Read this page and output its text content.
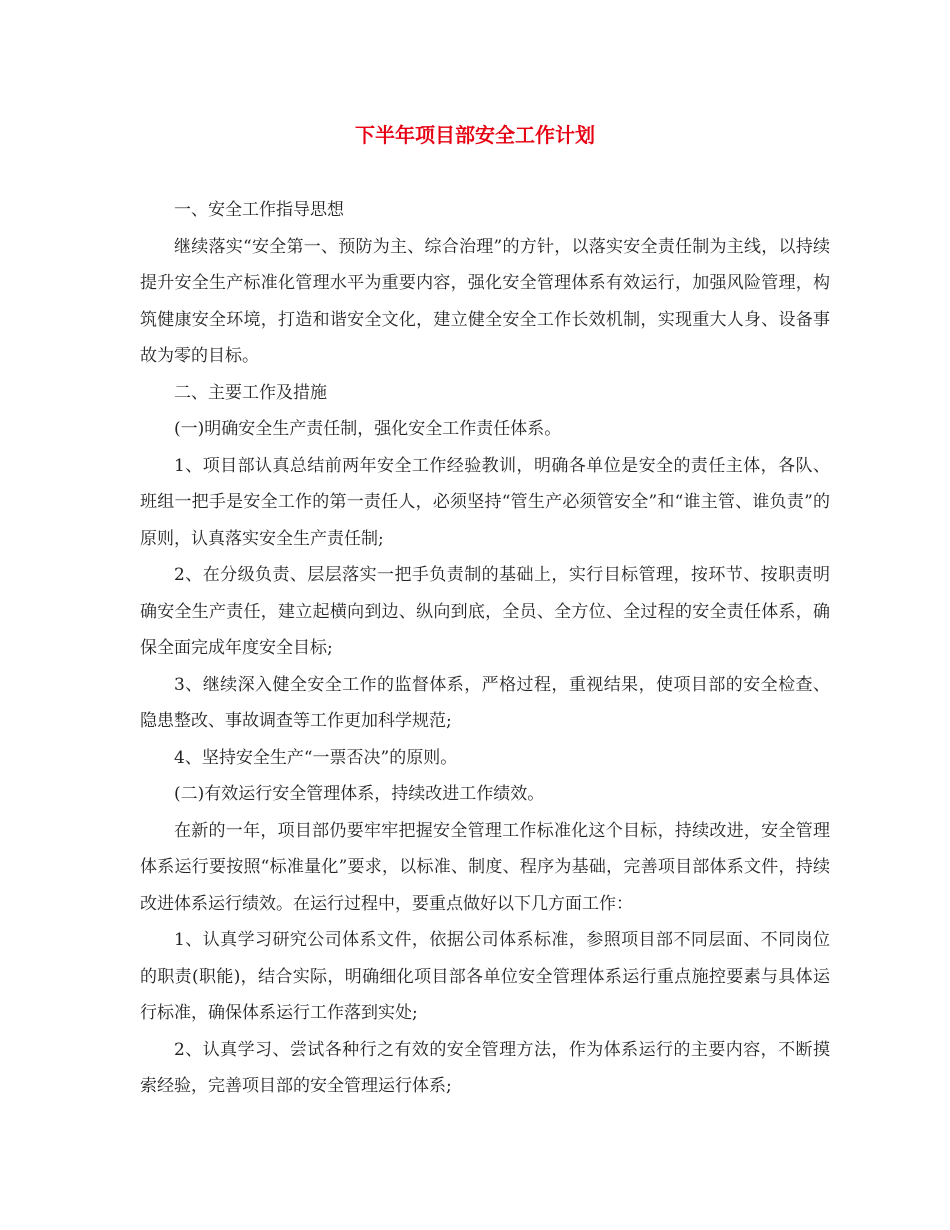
下半年项目部安全工作计划

一、安全工作指导思想

继续落实“安全第一、预防为主、综合治理”的方针，以落实安全责任制为主线，以持续提升安全生产标准化管理水平为重要内容，强化安全管理体系有效运行，加强风险管理，构筑健康安全环境，打造和谐安全文化，建立健全安全工作长效机制，实现重大人身、设备事故为零的目标。

二、主要工作及措施

(一)明确安全生产责任制，强化安全工作责任体系。

1、项目部认真总结前两年安全工作经验教训，明确各单位是安全的责任主体，各队、班组一把手是安全工作的第一责任人，必须坚持“管生产必须管安全”和“谁主管、谁负责”的原则，认真落实安全生产责任制;

2、在分级负责、层层落实一把手负责制的基础上，实行目标管理，按环节、按职责明确安全生产责任，建立起横向到边、纵向到底，全员、全方位、全过程的安全责任体系，确保全面完成年度安全目标;

3、继续深入健全安全工作的监督体系，严格过程，重视结果，使项目部的安全检查、隐患整改、事故调查等工作更加科学规范;

4、坚持安全生产“一票否决”的原则。

(二)有效运行安全管理体系，持续改进工作绩效。

在新的一年，项目部仍要牢牢把握安全管理工作标准化这个目标，持续改进，安全管理体系运行要按照“标准量化”要求，以标准、制度、程序为基础，完善项目部体系文件，持续改进体系运行绩效。在运行过程中，要重点做好以下几方面工作：

1、认真学习研究公司体系文件，依据公司体系标准，参照项目部不同层面、不同岗位的职责(职能)，结合实际，明确细化项目部各单位安全管理体系运行重点施控要素与具体运行标准，确保体系运行工作落到实处;

2、认真学习、尝试各种行之有效的安全管理方法，作为体系运行的主要内容，不断摸索经验，完善项目部的安全管理运行体系;
